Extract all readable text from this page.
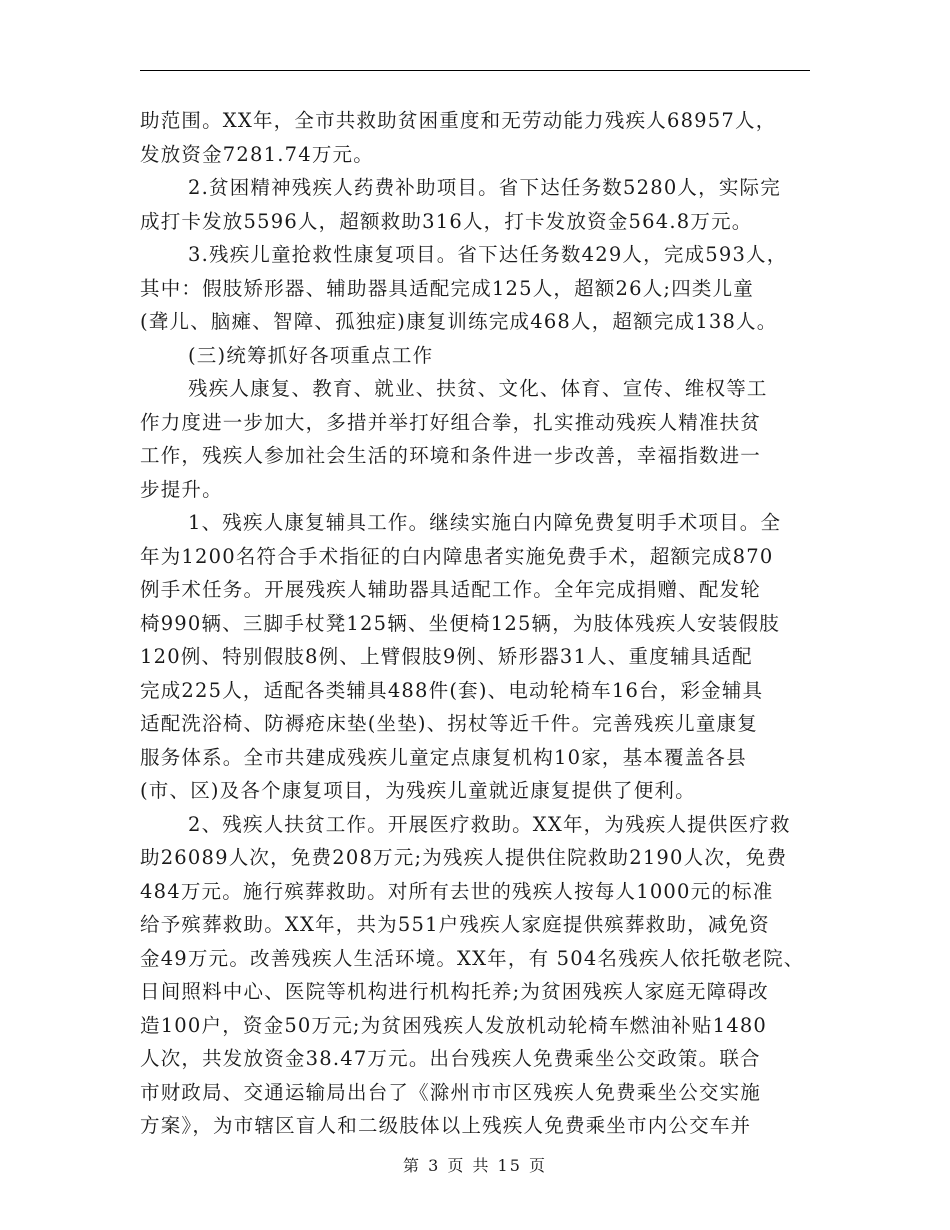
助范围。XX年，全市共救助贫困重度和无劳动能力残疾人68957人，
发放资金7281.74万元。
2.贫困精神残疾人药费补助项目。省下达任务数5280人，实际完
成打卡发放5596人，超额救助316人，打卡发放资金564.8万元。
3.残疾儿童抢救性康复项目。省下达任务数429人，完成593人，
其中：假肢矫形器、辅助器具适配完成125人，超额26人;四类儿童
(聋儿、脑瘫、智障、孤独症)康复训练完成468人，超额完成138人。
(三)统筹抓好各项重点工作
残疾人康复、教育、就业、扶贫、文化、体育、宣传、维权等工
作力度进一步加大，多措并举打好组合拳，扎实推动残疾人精准扶贫
工作，残疾人参加社会生活的环境和条件进一步改善，幸福指数进一
步提升。
1、残疾人康复辅具工作。继续实施白内障免费复明手术项目。全
年为1200名符合手术指征的白内障患者实施免费手术，超额完成870
例手术任务。开展残疾人辅助器具适配工作。全年完成捐赠、配发轮
椅990辆、三脚手杖凳125辆、坐便椅125辆，为肢体残疾人安装假肢
120例、特别假肢8例、上臂假肢9例、矫形器31人、重度辅具适配
完成225人，适配各类辅具488件(套)、电动轮椅车16台，彩金辅具
适配洗浴椅、防褥疮床垫(坐垫)、拐杖等近千件。完善残疾儿童康复
服务体系。全市共建成残疾儿童定点康复机构10家，基本覆盖各县
(市、区)及各个康复项目，为残疾儿童就近康复提供了便利。
2、残疾人扶贫工作。开展医疗救助。XX年，为残疾人提供医疗救
助26089人次，免费208万元;为残疾人提供住院救助2190人次，免费
484万元。施行殡葬救助。对所有去世的残疾人按每人1000元的标准
给予殡葬救助。XX年，共为551户残疾人家庭提供殡葬救助，减免资
金49万元。改善残疾人生活环境。XX年，有 504名残疾人依托敬老院、
日间照料中心、医院等机构进行机构托养;为贫困残疾人家庭无障碍改
造100户，资金50万元;为贫困残疾人发放机动轮椅车燃油补贴1480
人次，共发放资金38.47万元。出台残疾人免费乘坐公交政策。联合
市财政局、交通运输局出台了《滁州市市区残疾人免费乘坐公交实施
方案》，为市辖区盲人和二级肢体以上残疾人免费乘坐市内公交车并
第 3 页 共 15 页
